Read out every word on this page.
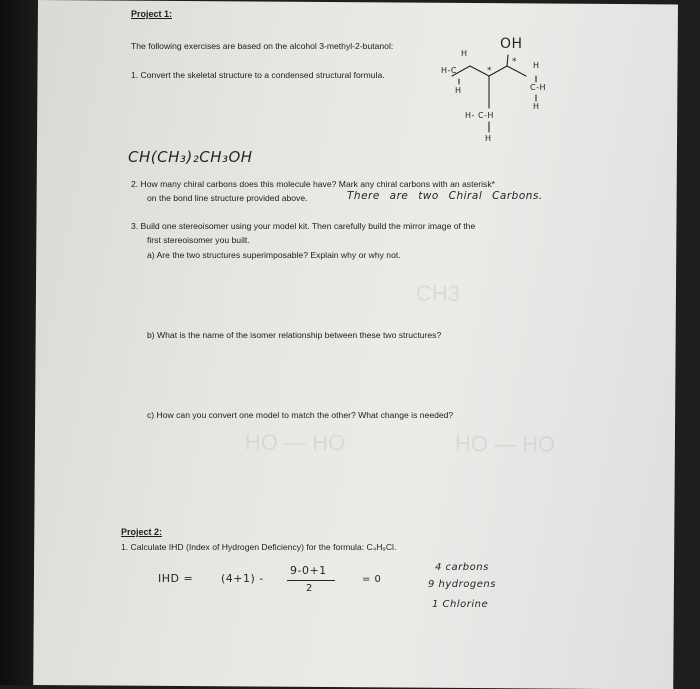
HO — HO	HO — HO
CH3
Project 1:
The following exercises are based on the alcohol 3-methyl-2-butanol:
1. Convert the skeletal structure to a condensed structural formula.
CH(CH₃)₂CH₃OH
2. How many chiral carbons does this molecule have? Mark any chiral carbons with an asterisk*
on the bond line structure provided above.	There are two Chiral Carbons.
3. Build one stereoisomer using your model kit. Then carefully build the mirror image of the
first stereoisomer you built.
a) Are the two structures superimposable? Explain why or why not.
b) What is the name of the isomer relationship between these two structures?
c) How can you convert one model to match the other? What change is needed?
OH
H
H-C
H
H
C-H
H
H- C-H
H
*
*
Project 2:
1. Calculate IHD (Index of Hydrogen Deficiency) for the formula: C₄H₉Cl.
IHD =	(4+1) -
9-0+1
2
= 0
4 carbons
9 hydrogens
1 Chlorine
